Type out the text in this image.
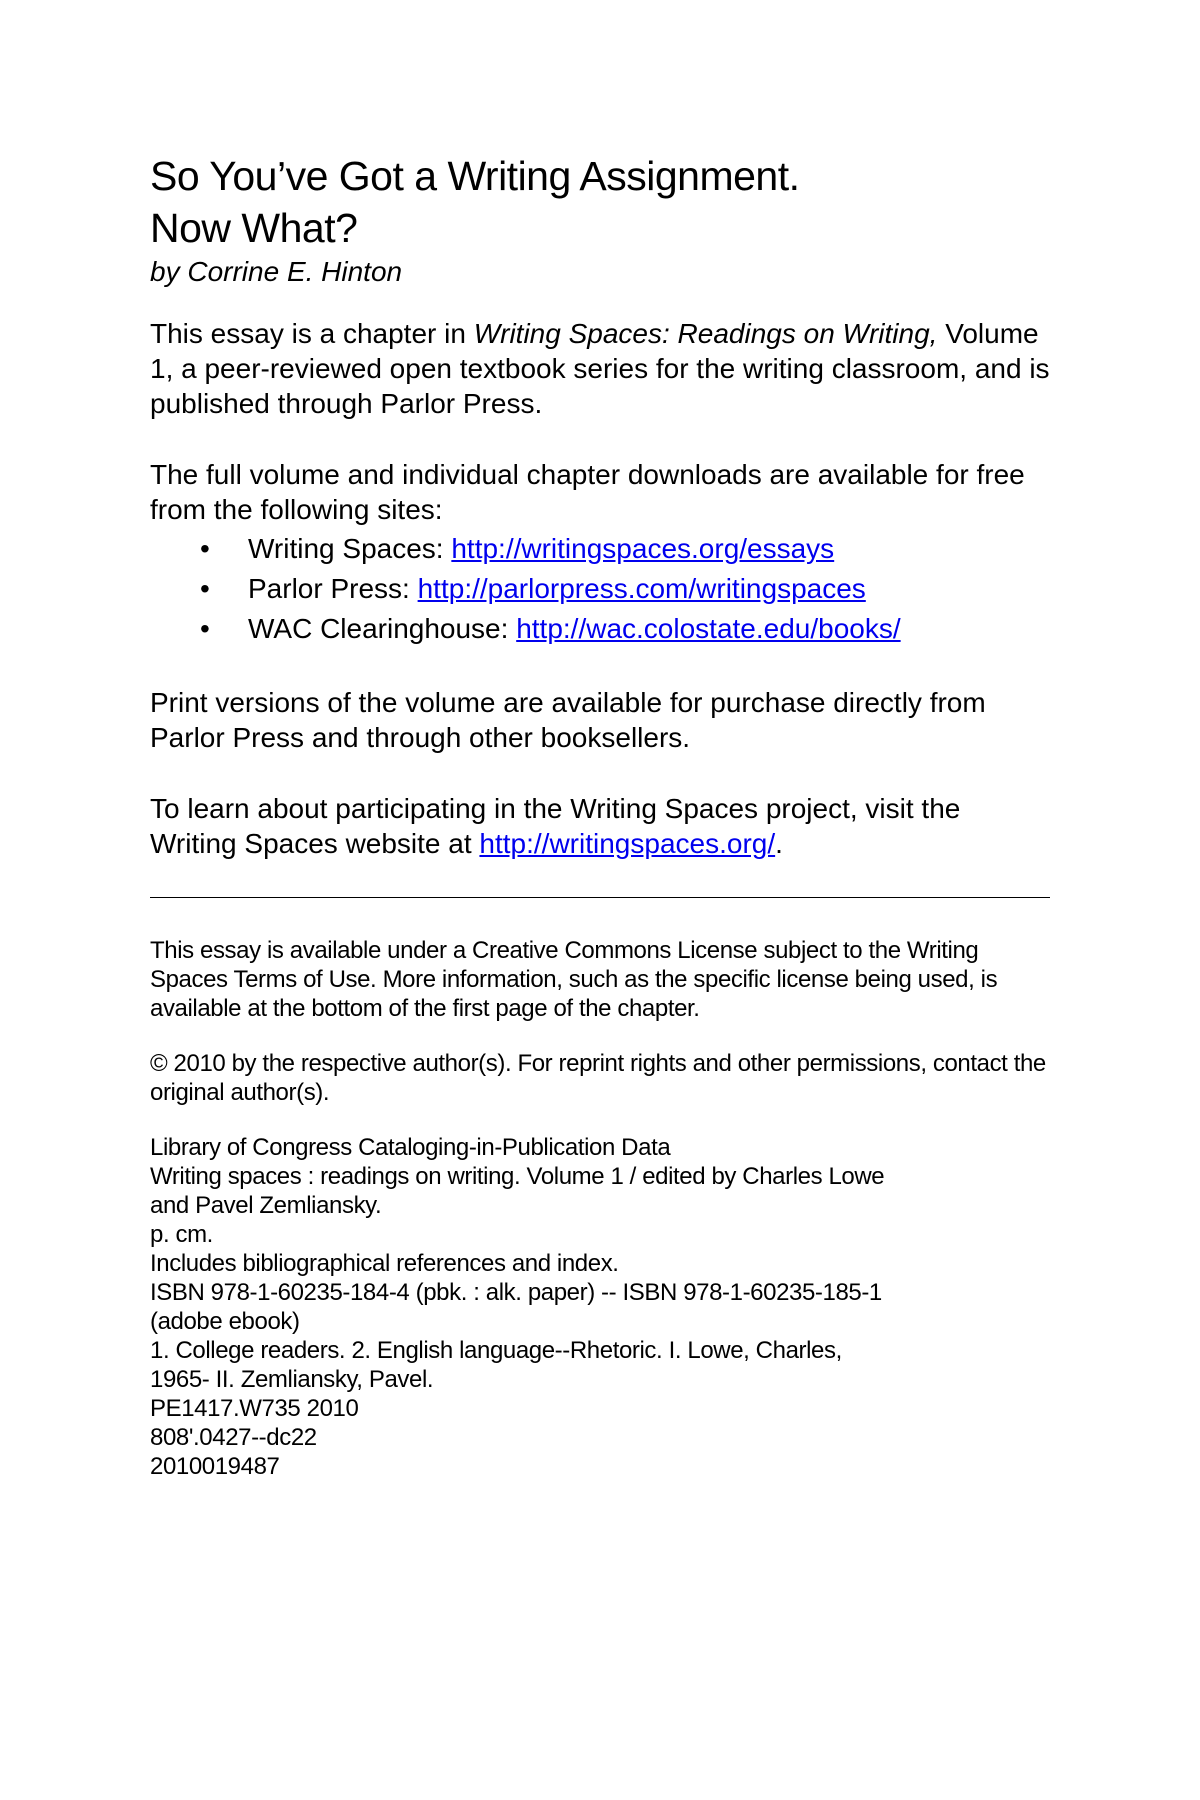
So You’ve Got a Writing Assignment.
Now What?

by Corrine E. Hinton

This essay is a chapter in Writing Spaces: Readings on Writing, Volume 1, a peer-reviewed open textbook series for the writing classroom, and is published through Parlor Press.

The full volume and individual chapter downloads are available for free from the following sites:

• Writing Spaces: http://writingspaces.org/essays
• Parlor Press: http://parlorpress.com/writingspaces
• WAC Clearinghouse: http://wac.colostate.edu/books/

Print versions of the volume are available for purchase directly from Parlor Press and through other booksellers.

To learn about participating in the Writing Spaces project, visit the Writing Spaces website at http://writingspaces.org/.

This essay is available under a Creative Commons License subject to the Writing Spaces Terms of Use. More information, such as the specific license being used, is available at the bottom of the first page of the chapter.

© 2010 by the respective author(s). For reprint rights and other permissions, contact the original author(s).

Library of Congress Cataloging-in-Publication Data
Writing spaces : readings on writing. Volume 1 / edited by Charles Lowe
and Pavel Zemliansky.
p. cm.
Includes bibliographical references and index.
ISBN 978-1-60235-184-4 (pbk. : alk. paper) -- ISBN 978-1-60235-185-1
(adobe ebook)
1. College readers. 2. English language--Rhetoric. I. Lowe, Charles,
1965- II. Zemliansky, Pavel.
PE1417.W735 2010
808'.0427--dc22
2010019487
